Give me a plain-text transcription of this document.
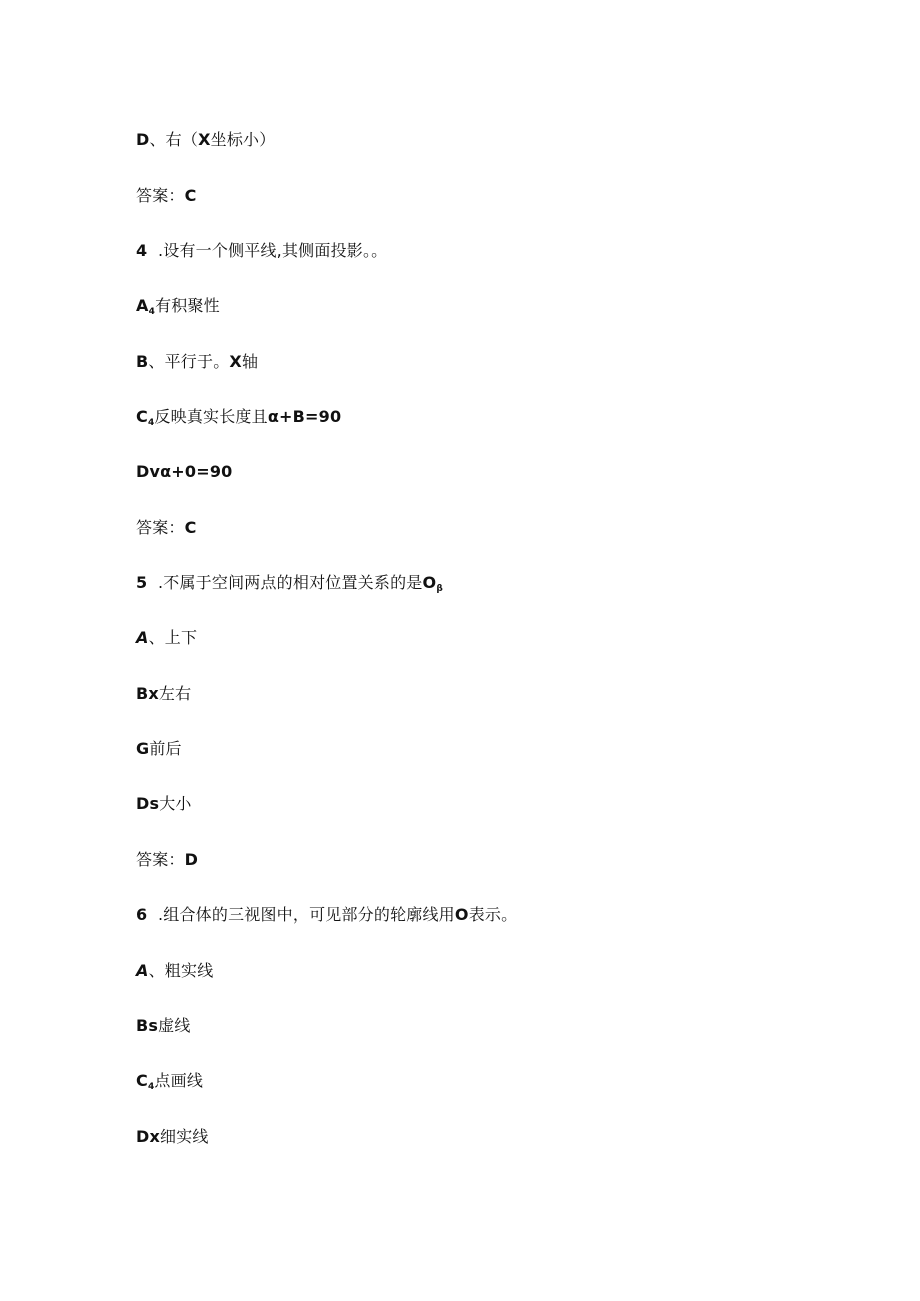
D、右（X坐标小）
答案：C
4 .设有一个侧平线,其侧面投影。。
$A_4$有积聚性
B、平行于。X轴
$C_4$反映真实长度且α+B=90
Dvα+0=90
答案：C
5 .不属于空间两点的相对位置关系的是$O_\beta$
A、上下
Bx左右
G前后
Ds大小
答案：D
6 .组合体的三视图中，可见部分的轮廓线用O表示。
A、粗实线
Bs虚线
$C_4$点画线
Dx细实线
